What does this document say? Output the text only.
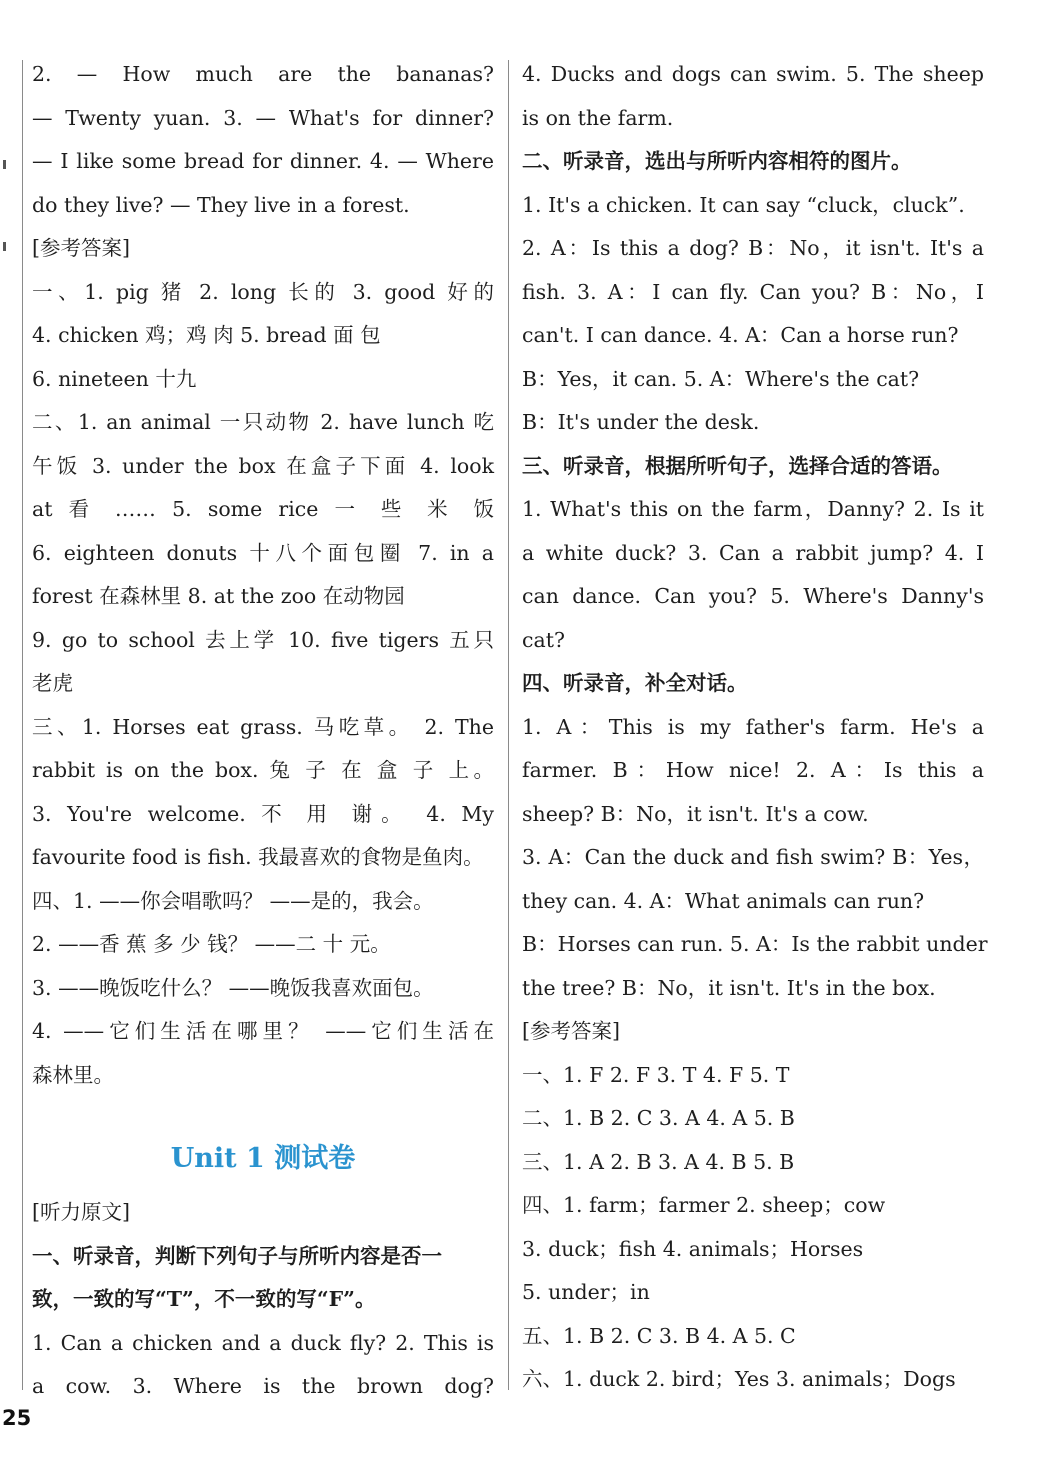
2. — How much are the bananas?
— Twenty yuan. 3. — What's for dinner?
— I like some bread for dinner. 4. — Where
do they live? — They live in a forest.
[参考答案]
一、1. pig 猪 2. long 长的 3. good 好的
4. chicken 鸡；鸡 肉 5. bread 面 包
6. nineteen 十九
二、1. an animal 一只动物 2. have lunch 吃
午饭 3. under the box 在盒子下面 4. look
at 看 …… 5. some rice 一 些 米 饭
6. eighteen donuts 十八个面包圈 7. in a
forest 在森林里 8. at the zoo 在动物园
9. go to school 去上学 10. five tigers 五只
老虎
三、1. Horses eat grass. 马吃草。 2. The
rabbit is on the box. 兔 子 在 盒 子 上。
3. You're welcome. 不 用 谢。 4. My
favourite food is fish. 我最喜欢的食物是鱼肉。
四、1. ——你会唱歌吗？ ——是的，我会。
2. ——香 蕉 多 少 钱？ ——二 十 元。
3. ——晚饭吃什么？ ——晚饭我喜欢面包。
4. ——它们生活在哪里？ ——它们生活在
森林里。
Unit 1 测试卷
[听力原文]
一、听录音，判断下列句子与所听内容是否一
致，一致的写“T”，不一致的写“F”。
1. Can a chicken and a duck fly? 2. This is
a cow. 3. Where is the brown dog?
4. Ducks and dogs can swim. 5. The sheep
is on the farm.
二、听录音，选出与所听内容相符的图片。
1. It's a chicken. It can say “cluck，cluck”.
2. A：Is this a dog? B：No，it isn't. It's a
fish. 3. A：I can fly. Can you? B：No，I
can't. I can dance. 4. A：Can a horse run?
B：Yes，it can. 5. A：Where's the cat?
B：It's under the desk.
三、听录音，根据所听句子，选择合适的答语。
1. What's this on the farm，Danny? 2. Is it
a white duck? 3. Can a rabbit jump? 4. I
can dance. Can you? 5. Where's Danny's
cat?
四、听录音，补全对话。
1. A：This is my father's farm. He's a
farmer. B：How nice! 2. A：Is this a
sheep? B：No，it isn't. It's a cow.
3. A：Can the duck and fish swim? B：Yes，
they can. 4. A：What animals can run?
B：Horses can run. 5. A：Is the rabbit under
the tree? B：No，it isn't. It's in the box.
[参考答案]
一、1. F 2. F 3. T 4. F 5. T
二、1. B 2. C 3. A 4. A 5. B
三、1. A 2. B 3. A 4. B 5. B
四、1. farm；farmer 2. sheep；cow
3. duck；fish 4. animals；Horses
5. under；in
五、1. B 2. C 3. B 4. A 5. C
六、1. duck 2. bird；Yes 3. animals；Dogs
25
